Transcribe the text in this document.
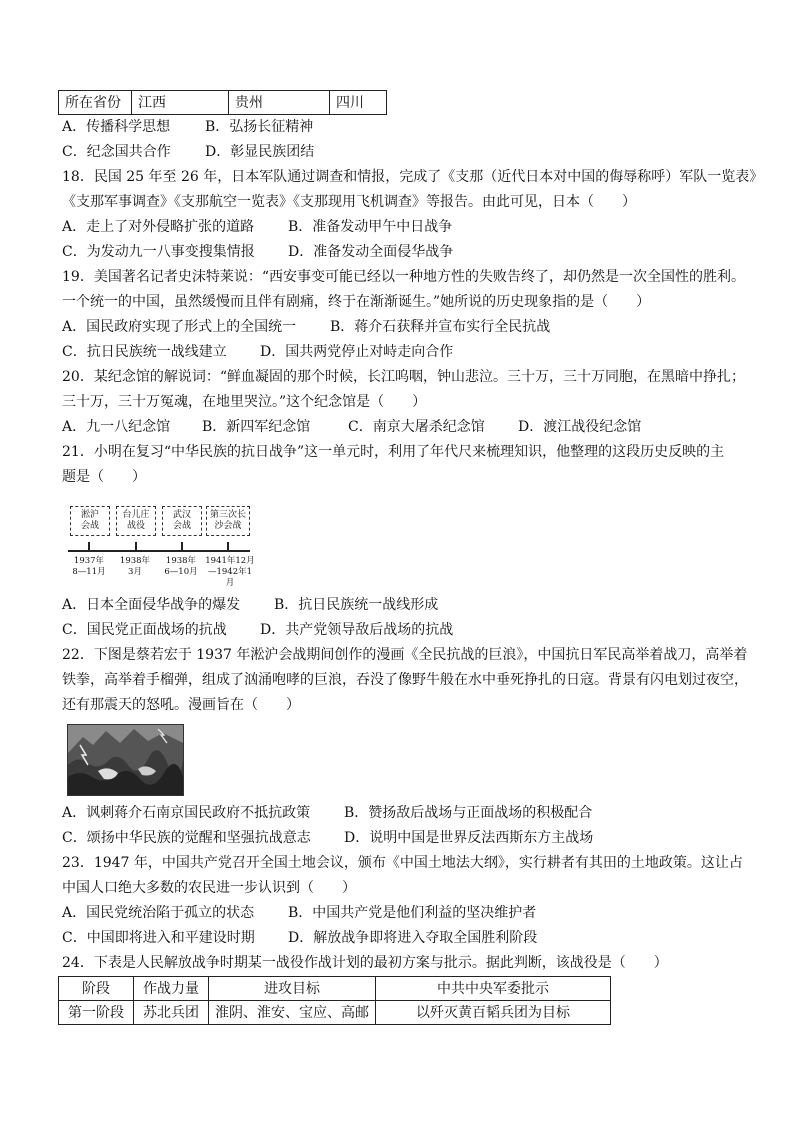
所在省份	江西	贵州	四川
A．传播科学思想 B．弘扬长征精神
C．纪念国共合作 D．彰显民族团结
18．民国 25 年至 26 年，日本军队通过调查和情报，完成了《支那（近代日本对中国的侮辱称呼）军队一览表》
《支那军事调查》《支那航空一览表》《支那现用飞机调查》等报告。由此可见，日本（　　）
A．走上了对外侵略扩张的道路 B．准备发动甲午中日战争
C．为发动九一八事变搜集情报 D．准备发动全面侵华战争
19．美国著名记者史沫特莱说：“西安事变可能已经以一种地方性的失败告终了，却仍然是一次全国性的胜利。
一个统一的中国，虽然缓慢而且伴有剧痛，终于在渐渐诞生。”她所说的历史现象指的是（　　）
A．国民政府实现了形式上的全国统一 B．蒋介石获释并宣布实行全民抗战
C．抗日民族统一战线建立 D．国共两党停止对峙走向合作
20．某纪念馆的解说词：“鲜血凝固的那个时候，长江呜咽，钟山悲泣。三十万，三十万同胞，在黑暗中挣扎；
三十万，三十万冤魂，在地里哭泣。”这个纪念馆是（　　）
A．九一八纪念馆 B．新四军纪念馆	C．南京大屠杀纪念馆 D．渡江战役纪念馆
21．小明在复习“中华民族的抗日战争”这一单元时，利用了年代尺来梳理知识，他整理的这段历史反映的主
题是（　　）
淞沪
会战
台儿庄
战役
武汉
会战
第三次长
沙会战
1937年
8—11月
1938年
3月
1938年
6—10月
1941年12月
—1942年1月
A．日本全面侵华战争的爆发 B．抗日民族统一战线形成
C．国民党正面战场的抗战 D．共产党领导敌后战场的抗战
22．下图是蔡若宏于 1937 年淞沪会战期间创作的漫画《全民抗战的巨浪》，中国抗日军民高举着战刀，高举着
铁拳，高举着手榴弹，组成了汹涌咆哮的巨浪，吞没了像野牛般在水中垂死挣扎的日寇。背景有闪电划过夜空，
还有那震天的怒吼。漫画旨在（　　）
A．讽刺蒋介石南京国民政府不抵抗政策 B．赞扬敌后战场与正面战场的积极配合
C．颂扬中华民族的觉醒和坚强抗战意志 D．说明中国是世界反法西斯东方主战场
23．1947 年，中国共产党召开全国土地会议，颁布《中国土地法大纲》，实行耕者有其田的土地政策。这让占
中国人口绝大多数的农民进一步认识到（　　）
A．国民党统治陷于孤立的状态 B．中国共产党是他们利益的坚决维护者
C．中国即将进入和平建设时期 D．解放战争即将进入夺取全国胜利阶段
24．下表是人民解放战争时期某一战役作战计划的最初方案与批示。据此判断，该战役是（　　）
阶段	作战力量	进攻目标	中共中央军委批示
第一阶段	苏北兵团	淮阴、淮安、宝应、高邮	以歼灭黄百韬兵团为目标
